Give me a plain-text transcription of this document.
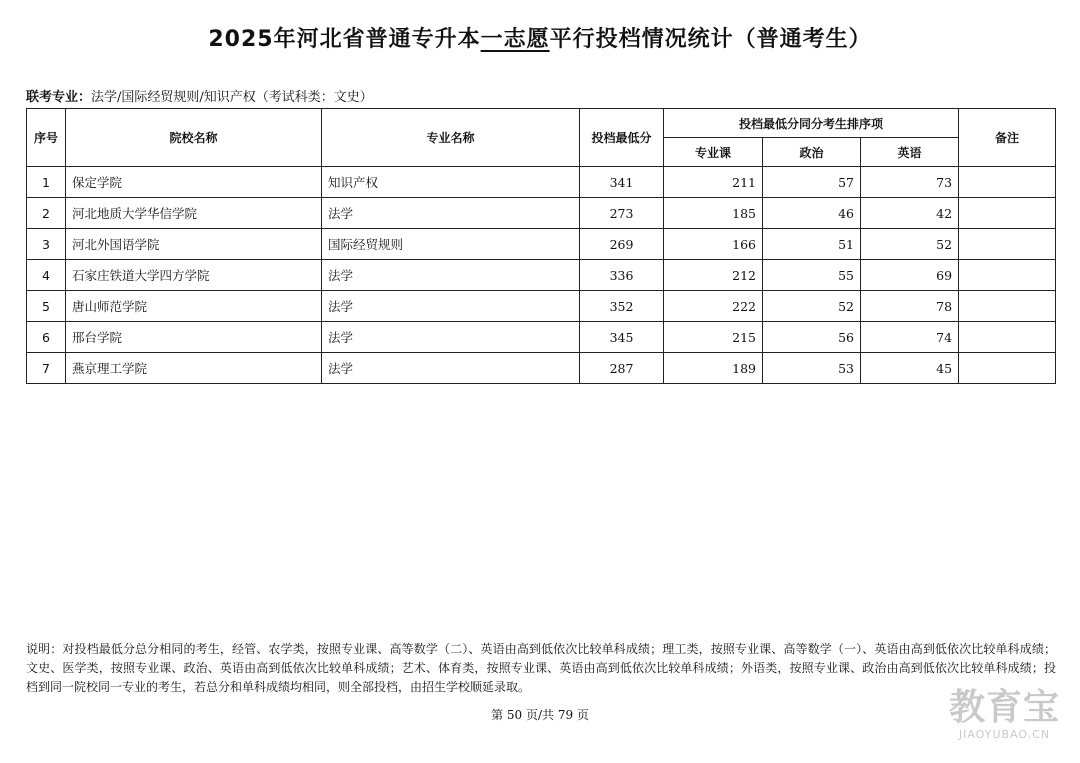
2025年河北省普通专升本一志愿平行投档情况统计（普通考生）
联考专业：法学/国际经贸规则/知识产权（考试科类：文史）
序号	院校名称	专业名称	投档最低分	投档最低分同分考生排序项			备注
				专业课	政治	英语	
1	保定学院	知识产权	341	211	57	73	
2	河北地质大学华信学院	法学	273	185	46	42	
3	河北外国语学院	国际经贸规则	269	166	51	52	
4	石家庄铁道大学四方学院	法学	336	212	55	69	
5	唐山师范学院	法学	352	222	52	78	
6	邢台学院	法学	345	215	56	74	
7	燕京理工学院	法学	287	189	53	45	
说明：对投档最低分总分相同的考生，经管、农学类，按照专业课、高等数学（二）、英语由高到低依次比较单科成绩；理工类，按照专业课、高等数学（一）、英语由高到低依次比较单科成绩；文史、医学类，按照专业课、政治、英语由高到低依次比较单科成绩；艺术、体育类，按照专业课、英语由高到低依次比较单科成绩；外语类，按照专业课、政治由高到低依次比较单科成绩；投档到同一院校同一专业的考生，若总分和单科成绩均相同，则全部投档，由招生学校顺延录取。
第 50 页/共 79 页	教育宝
JIAOYUBAO.CN
